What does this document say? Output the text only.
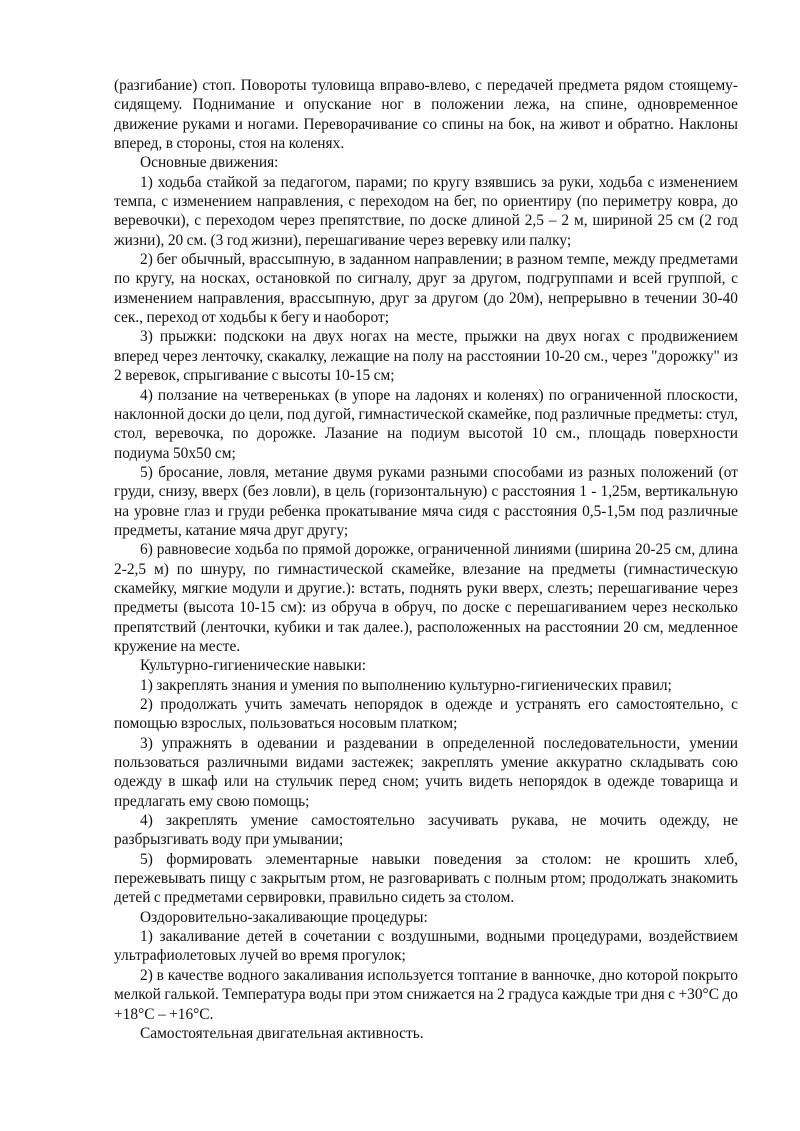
(разгибание) стоп. Повороты туловища вправо-влево, с передачей предмета рядом стоящему-сидящему. Поднимание и опускание ног в положении лежа, на спине, одновременное движение руками и ногами. Переворачивание со спины на бок, на живот и обратно. Наклоны вперед, в стороны, стоя на коленях.

Основные движения:

1) ходьба стайкой за педагогом, парами; по кругу взявшись за руки, ходьба с изменением темпа, с изменением направления, с переходом на бег, по ориентиру (по периметру ковра, до веревочки), с переходом через препятствие, по доске длиной 2,5 – 2 м, шириной 25 см (2 год жизни), 20 см. (3 год жизни), перешагивание через веревку или палку;

2) бег обычный, врассыпную, в заданном направлении; в разном темпе, между предметами по кругу, на носках, остановкой по сигналу, друг за другом, подгруппами и всей группой, с изменением направления, врассыпную, друг за другом (до 20м), непрерывно в течении 30-40 сек., переход от ходьбы к бегу и наоборот;

3) прыжки: подскоки на двух ногах на месте, прыжки на двух ногах с продвижением вперед через ленточку, скакалку, лежащие на полу на расстоянии 10-20 см., через "дорожку" из 2 веревок, спрыгивание с высоты 10-15 см;

4) ползание на четвереньках (в упоре на ладонях и коленях) по ограниченной плоскости, наклонной доски до цели, под дугой, гимнастической скамейке, под различные предметы: стул, стол, веревочка, по дорожке. Лазание на подиум высотой 10 см., площадь поверхности подиума 50х50 см;

5) бросание, ловля, метание двумя руками разными способами из разных положений (от груди, снизу, вверх (без ловли), в цель (горизонтальную) с расстояния 1 - 1,25м, вертикальную на уровне глаз и груди ребенка прокатывание мяча сидя с расстояния 0,5-1,5м под различные предметы, катание мяча друг другу;

6) равновесие ходьба по прямой дорожке, ограниченной линиями (ширина 20-25 см, длина 2-2,5 м) по шнуру, по гимнастической скамейке, влезание на предметы (гимнастическую скамейку, мягкие модули и другие.): встать, поднять руки вверх, слезть; перешагивание через предметы (высота 10-15 см): из обруча в обруч, по доске с перешагиванием через несколько препятствий (ленточки, кубики и так далее.), расположенных на расстоянии 20 см, медленное кружение на месте.

Культурно-гигиенические навыки:

1) закреплять знания и умения по выполнению культурно-гигиенических правил;

2) продолжать учить замечать непорядок в одежде и устранять его самостоятельно, с помощью взрослых, пользоваться носовым платком;

3) упражнять в одевании и раздевании в определенной последовательности, умении пользоваться различными видами застежек; закреплять умение аккуратно складывать сою одежду в шкаф или на стульчик перед сном; учить видеть непорядок в одежде товарища и предлагать ему свою помощь;

4) закреплять умение самостоятельно засучивать рукава, не мочить одежду, не разбрызгивать воду при умывании;

5) формировать элементарные навыки поведения за столом: не крошить хлеб, пережевывать пищу с закрытым ртом, не разговаривать с полным ртом; продолжать знакомить детей с предметами сервировки, правильно сидеть за столом.

Оздоровительно-закаливающие процедуры:

1) закаливание детей в сочетании с воздушными, водными процедурами, воздействием ультрафиолетовых лучей во время прогулок;

2) в качестве водного закаливания используется топтание в ванночке, дно которой покрыто мелкой галькой. Температура воды при этом снижается на 2 градуса каждые три дня с +30°С до +18°С – +16°С.

Самостоятельная двигательная активность.
